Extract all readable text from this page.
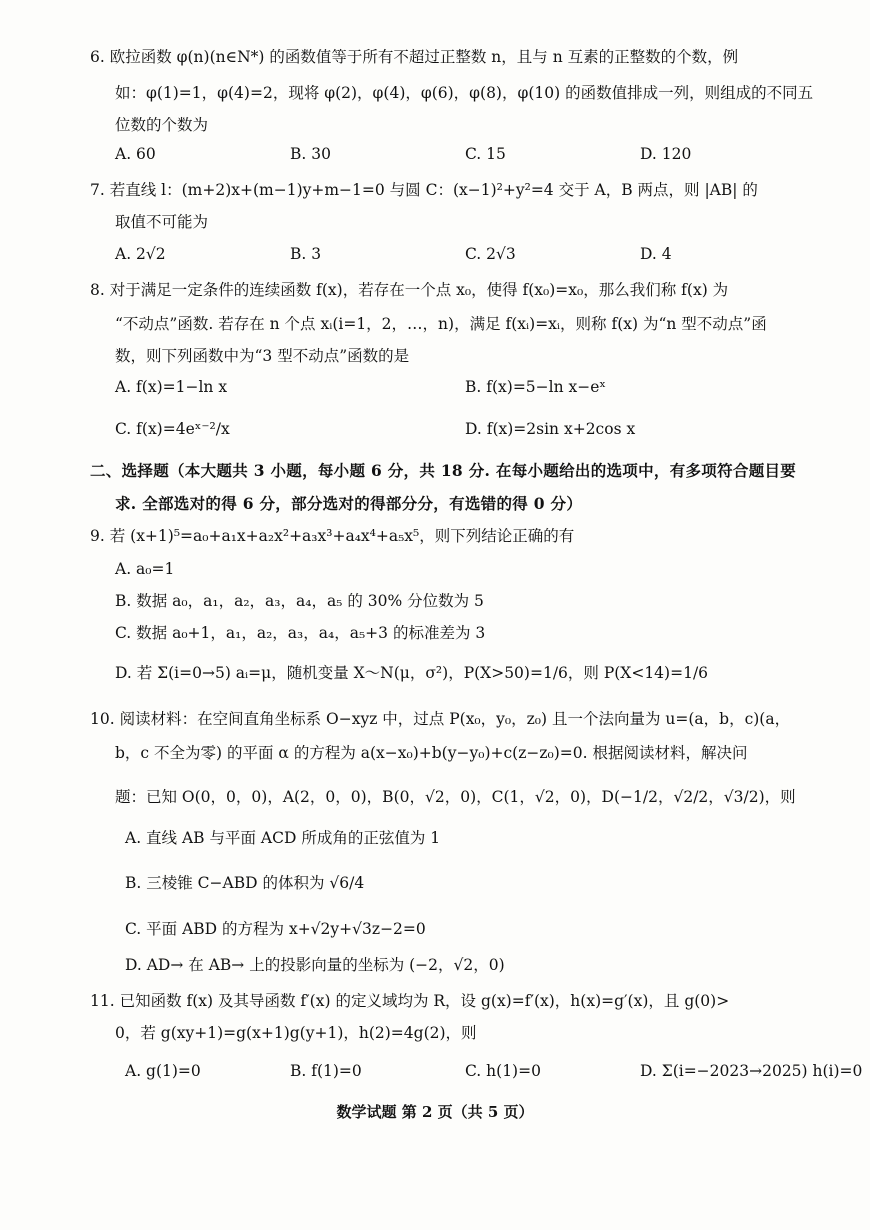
6. 欧拉函数 φ(n)(n∈N*) 的函数值等于所有不超过正整数 n，且与 n 互素的正整数的个数，例
如：φ(1)=1，φ(4)=2，现将 φ(2)，φ(4)，φ(6)，φ(8)，φ(10) 的函数值排成一列，则组成的不同五
位数的个数为
A. 60	B. 30	C. 15	D. 120
7. 若直线 l：(m+2)x+(m−1)y+m−1=0 与圆 C：(x−1)²+y²=4 交于 A，B 两点，则 |AB| 的
取值不可能为
A. 2√2	B. 3	C. 2√3	D. 4
8. 对于满足一定条件的连续函数 f(x)，若存在一个点 x₀，使得 f(x₀)=x₀，那么我们称 f(x) 为
“不动点”函数. 若存在 n 个点 xᵢ(i=1，2，…，n)，满足 f(xᵢ)=xᵢ，则称 f(x) 为“n 型不动点”函
数，则下列函数中为“3 型不动点”函数的是
A. f(x)=1−ln x	B. f(x)=5−ln x−eˣ
C. f(x)=4eˣ⁻²/x	D. f(x)=2sin x+2cos x
二、选择题（本大题共 3 小题，每小题 6 分，共 18 分. 在每小题给出的选项中，有多项符合题目要
求. 全部选对的得 6 分，部分选对的得部分分，有选错的得 0 分）
9. 若 (x+1)⁵=a₀+a₁x+a₂x²+a₃x³+a₄x⁴+a₅x⁵，则下列结论正确的有
A. a₀=1
B. 数据 a₀，a₁，a₂，a₃，a₄，a₅ 的 30% 分位数为 5
C. 数据 a₀+1，a₁，a₂，a₃，a₄，a₅+3 的标准差为 3
D. 若 Σ(i=0→5) aᵢ=μ，随机变量 X～N(μ，σ²)，P(X>50)=1/6，则 P(X<14)=1/6
10. 阅读材料：在空间直角坐标系 O−xyz 中，过点 P(x₀，y₀，z₀) 且一个法向量为 u=(a，b，c)(a，
b，c 不全为零) 的平面 α 的方程为 a(x−x₀)+b(y−y₀)+c(z−z₀)=0. 根据阅读材料，解决问
题：已知 O(0，0，0)，A(2，0，0)，B(0，√2，0)，C(1，√2，0)，D(−1/2，√2/2，√3/2)，则
A. 直线 AB 与平面 ACD 所成角的正弦值为 1
B. 三棱锥 C−ABD 的体积为 √6/4
C. 平面 ABD 的方程为 x+√2y+√3z−2=0
D. AD→ 在 AB→ 上的投影向量的坐标为 (−2，√2，0)
11. 已知函数 f(x) 及其导函数 f′(x) 的定义域均为 R，设 g(x)=f′(x)，h(x)=g′(x)，且 g(0)>
0，若 g(xy+1)=g(x+1)g(y+1)，h(2)=4g(2)，则
A. g(1)=0	B. f(1)=0	C. h(1)=0	D. Σ(i=−2023→2025) h(i)=0
数学试题 第 2 页（共 5 页）
